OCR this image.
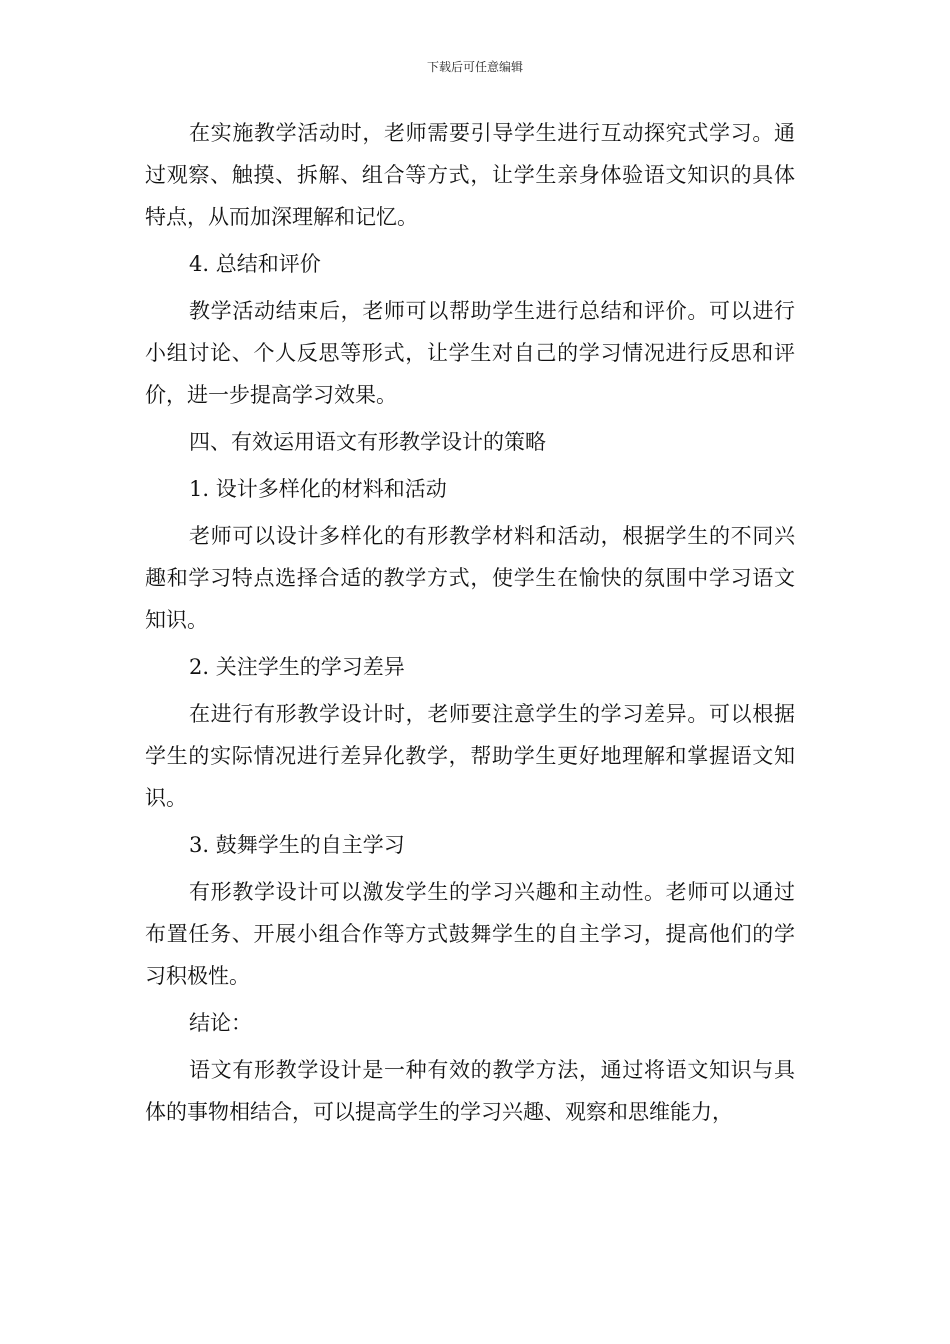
下载后可任意编辑

在实施教学活动时，老师需要引导学生进行互动探究式学习。通过观察、触摸、拆解、组合等方式，让学生亲身体验语文知识的具体特点，从而加深理解和记忆。

4. 总结和评价

教学活动结束后，老师可以帮助学生进行总结和评价。可以进行小组讨论、个人反思等形式，让学生对自己的学习情况进行反思和评价，进一步提高学习效果。

四、有效运用语文有形教学设计的策略

1. 设计多样化的材料和活动

老师可以设计多样化的有形教学材料和活动，根据学生的不同兴趣和学习特点选择合适的教学方式，使学生在愉快的氛围中学习语文知识。

2. 关注学生的学习差异

在进行有形教学设计时，老师要注意学生的学习差异。可以根据学生的实际情况进行差异化教学，帮助学生更好地理解和掌握语文知识。

3. 鼓舞学生的自主学习

有形教学设计可以激发学生的学习兴趣和主动性。老师可以通过布置任务、开展小组合作等方式鼓舞学生的自主学习，提高他们的学习积极性。

结论：

语文有形教学设计是一种有效的教学方法，通过将语文知识与具体的事物相结合，可以提高学生的学习兴趣、观察和思维能力，
